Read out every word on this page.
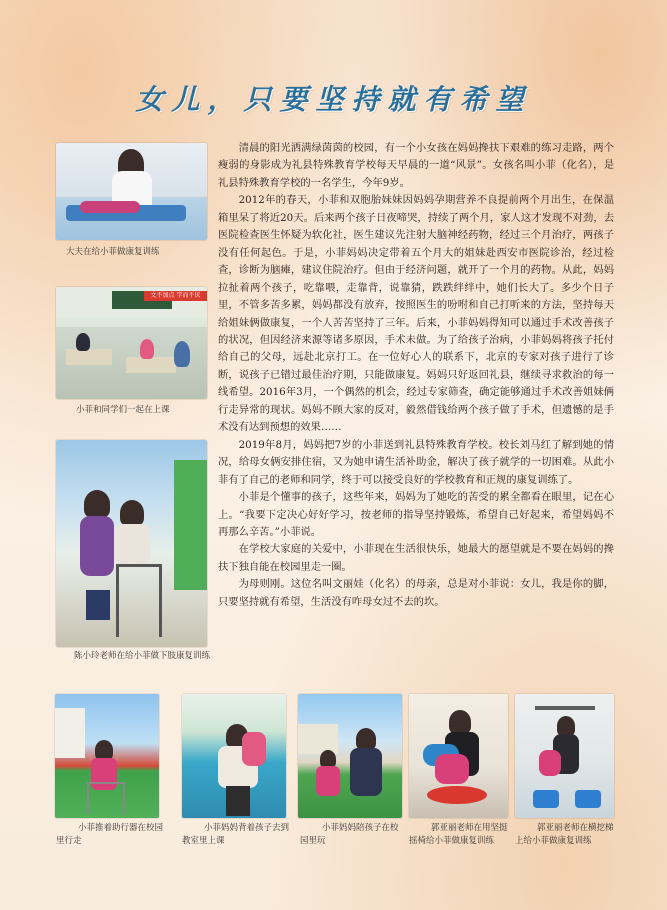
女儿，只要坚持就有希望
大夫在给小菲做康复训练
文不加点 学而不厌
小菲和同学们一起在上课
陈小玲老师在给小菲做下肢康复训练

清晨的阳光洒满绿茵茵的校园，有一个小女孩在妈妈搀扶下艰难的练习走路，两个瘦弱的身影成为礼县特殊教育学校每天早晨的一道“风景”。女孩名叫小菲（化名），是礼县特殊教育学校的一名学生，今年9岁。

2012年的春天，小菲和双胞胎妹妹因妈妈孕期营养不良提前两个月出生，在保温箱里呆了将近20天。后来两个孩子日夜啼哭，持续了两个月，家人这才发现不对劲，去医院检查医生怀疑为软化社，医生建议先注射大脑神经药物，经过三个月治疗，两孩子没有任何起色。于是，小菲妈妈决定带着五个月大的姐妹赴西安市医院诊治，经过检查，诊断为脑瘫，建议住院治疗。但由于经济问题，就开了一个月的药物。从此，妈妈拉扯着两个孩子，吃靠喂，走靠背，说靠猜，跌跌绊绊中，她们长大了。多少个日子里，不管多苦多累，妈妈都没有放弃，按照医生的吩咐和自己打听来的方法，坚持每天给姐妹俩做康复，一个人苦苦坚持了三年。后来，小菲妈妈得知可以通过手术改善孩子的状况，但因经济来源等诸多原因，手术未做。为了给孩子治病，小菲妈妈将孩子托付给自己的父母，远赴北京打工。在一位好心人的联系下，北京的专家对孩子进行了诊断，说孩子已错过最佳治疗期，只能做康复。妈妈只好返回礼县，继续寻求救治的每一线希望。2016年3月，一个偶然的机会，经过专家筛查，确定能够通过手术改善姐妹俩行走异常的现状。妈妈不顾大家的反对，毅然借钱给两个孩子做了手术，但遗憾的是手术没有达到预想的效果……

2019年8月，妈妈把7岁的小菲送到礼县特殊教育学校。校长刘马红了解到她的情况，给母女俩安排住宿，又为她申请生活补助金，解决了孩子就学的一切困难。从此小菲有了自己的老师和同学，终于可以接受良好的学校教育和正规的康复训练了。

小菲是个懂事的孩子，这些年来，妈妈为了她吃的苦受的累全都看在眼里，记在心上。“我要下定决心好好学习，按老师的指导坚持锻炼，希望自己好起来，希望妈妈不再那么辛苦。”小菲说。

在学校大家庭的关爱中，小菲现在生活很快乐，她最大的愿望就是不要在妈妈的搀扶下独自能在校园里走一圈。

为母则刚。这位名叫文丽娃（化名）的母亲，总是对小菲说：女儿，我是你的脚，只要坚持就有希望，生活没有咋母女过不去的坎。

小菲推着助行器在校园里行走
小菲妈妈背着孩子去到教室里上课
小菲妈妈陪孩子在校园里玩
郭亚丽老师在用坚挺摇椅给小菲做康复训练
郭亚丽老师在横挖梯上给小菲做康复训练
